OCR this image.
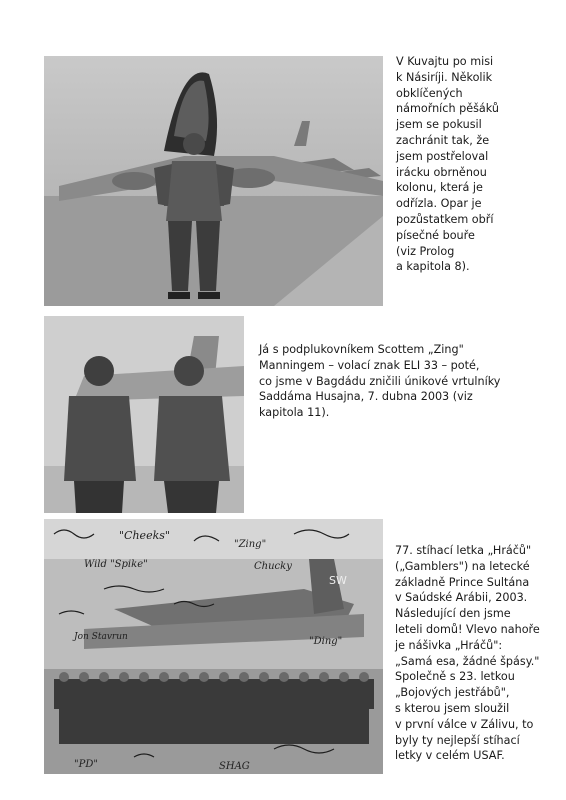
V Kuvajtu po misi
k Násiríji. Několik
obklíčených
námořních pěšáků
jsem se pokusil
zachránit tak, že
jsem postřeloval
irácku obrněnou
kolonu, která je
odřízla. Opar je
pozůstatkem obří
písečné bouře
(viz Prolog
a kapitola 8).

Já s podplukovníkem Scottem „Zing"
Manningem – volací znak ELI 33 – poté,
co jsme v Bagdádu zničili únikové vrtulníky
Saddáma Husajna, 7. dubna 2003 (viz
kapitola 11).

SW
"Cheeks"
Chucky
Wild "Spike"
"Zing"
Jon Stavrun	"Ding"
SHAG
"PD"

77. stíhací letka „Hráčů"
(„Gamblers") na letecké
základně Prince Sultána
v Saúdské Arábii, 2003.
Následující den jsme
leteli domů! Vlevo nahoře
je nášivka „Hráčů":
„Samá esa, žádné špásy."
Společně s 23. letkou
„Bojových jestřábů",
s kterou jsem sloužil
v první válce v Zálivu, to
byly ty nejlepší stíhací
letky v celém USAF.
